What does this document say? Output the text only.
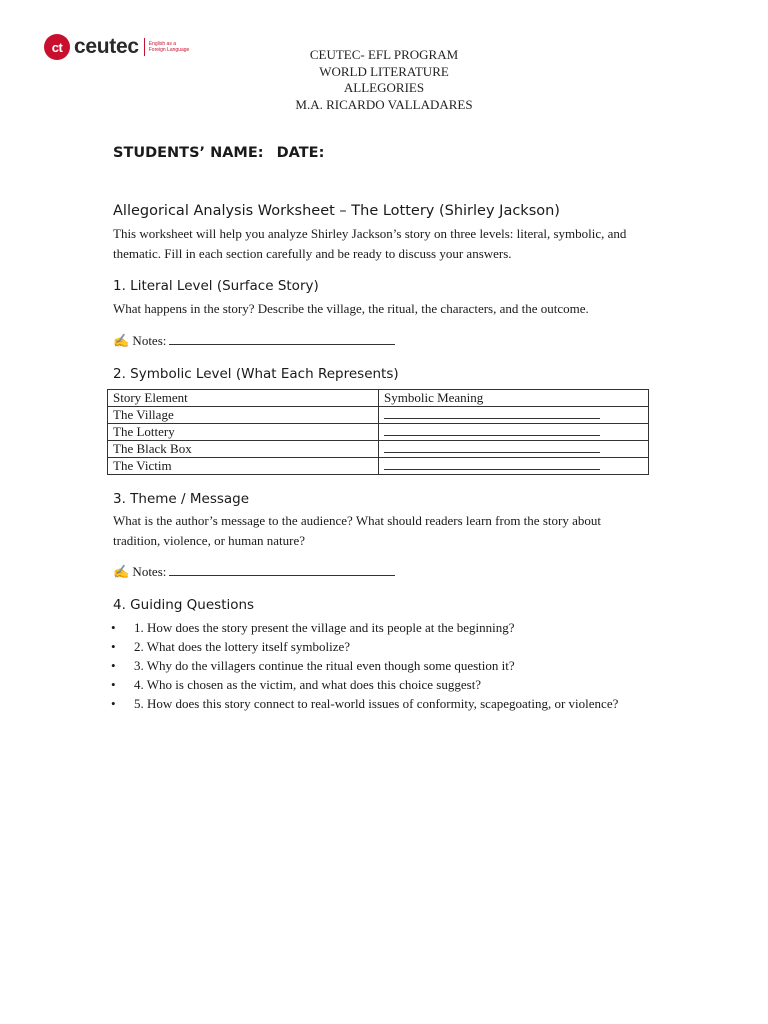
ct ceutec English as a
Foreign Language	CEUTEC- EFL PROGRAM
WORLD LITERATURE
ALLEGORIES
M.A. RICARDO VALLADARES
STUDENTS’ NAME: DATE:
Allegorical Analysis Worksheet – The Lottery (Shirley Jackson)

This worksheet will help you analyze Shirley Jackson’s story on three levels: literal, symbolic, and thematic. Fill in each section carefully and be ready to discuss your answers.

1. Literal Level (Surface Story)

What happens in the story? Describe the village, the ritual, the characters, and the outcome.

✍ Notes:
2. Symbolic Level (What Each Represents)
Story Element	Symbolic Meaning
The Village	
The Lottery	
The Black Box	
The Victim	
3. Theme / Message

What is the author’s message to the audience? What should readers learn from the story about tradition, violence, or human nature?

✍ Notes:
4. Guiding Questions
• 1. How does the story present the village and its people at the beginning?
• 2. What does the lottery itself symbolize?
• 3. Why do the villagers continue the ritual even though some question it?
• 4. Who is chosen as the victim, and what does this choice suggest?
• 5. How does this story connect to real-world issues of conformity, scapegoating, or violence?
